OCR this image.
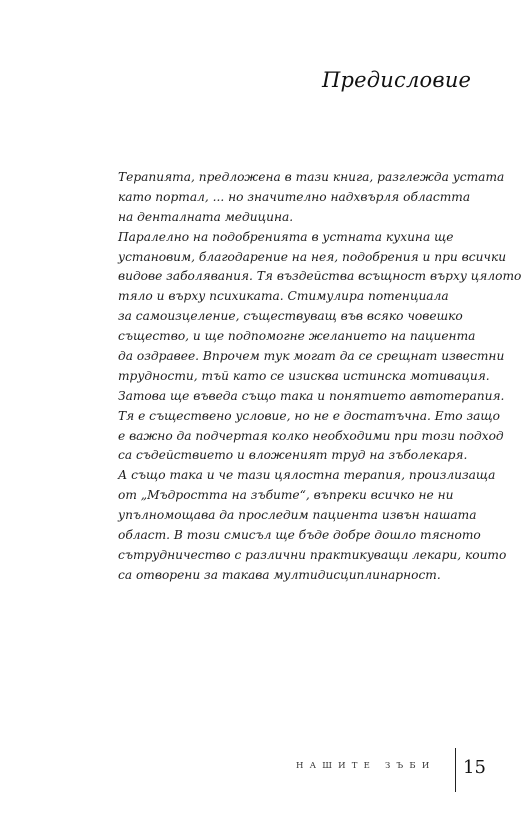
Предисловие
Терапията, предложена в тази книга, разглежда устата
като портал, ... но значително надхвърля областта
на денталната медицина.
Паралелно на подобренията в устната кухина ще
установим, благодарение на нея, подобрения и при всички
видове заболявания. Тя въздейства всъщност върху цялото
тяло и върху психиката. Стимулира потенциала
за самоизцеление, съществуващ във всяко човешко
същество, и ще подпомогне желанието на пациента
да оздравее. Впрочем тук могат да се срещнат известни
трудности, тъй като се изисква истинска мотивация.
Затова ще въведа също така и понятието автотерапия.
Тя е съществено условие, но не е достатъчна. Ето защо
е важно да подчертая колко необходими при този подход
са съдействието и вложеният труд на зъболекаря.
А също така и че тази цялостна терапия, произлизаща
от „Мъдростта на зъбите“, въпреки всичко не ни
упълномощава да проследим пациента извън нашата
област. В този смисъл ще бъде добре дошло тясното
сътрудничество с различни практикуващи лекари, които
са отворени за такава мултидисциплинарност.
НАШИТЕ ЗЪБИ	15
